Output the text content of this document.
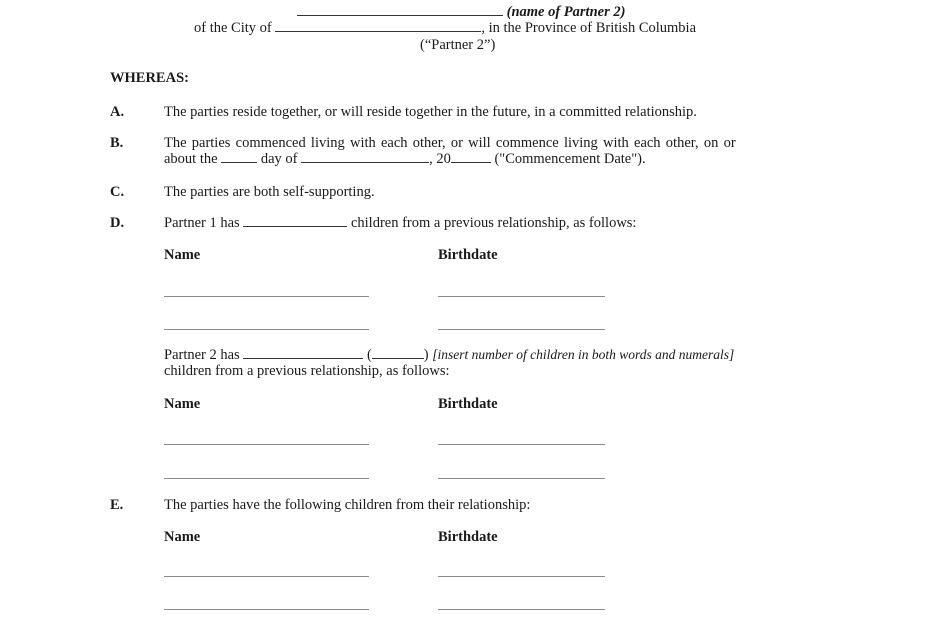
(name of Partner 2)
of the City of	, in the Province of British Columbia
(“Partner 2”)
WHEREAS:
A.	The parties reside together, or will reside together in the future, in a committed relationship.
B.	The parties commenced living with each other, or will commence living with each other, on or
about the	day of	, 20	("Commencement Date").
C.	The parties are both self-supporting.
D.	Partner 1 has	children from a previous relationship, as follows:
Name	Birthdate
Partner 2 has	(	) [insert number of children in both words and numerals]
children from a previous relationship, as follows:
Name	Birthdate
E.	The parties have the following children from their relationship:
Name	Birthdate
